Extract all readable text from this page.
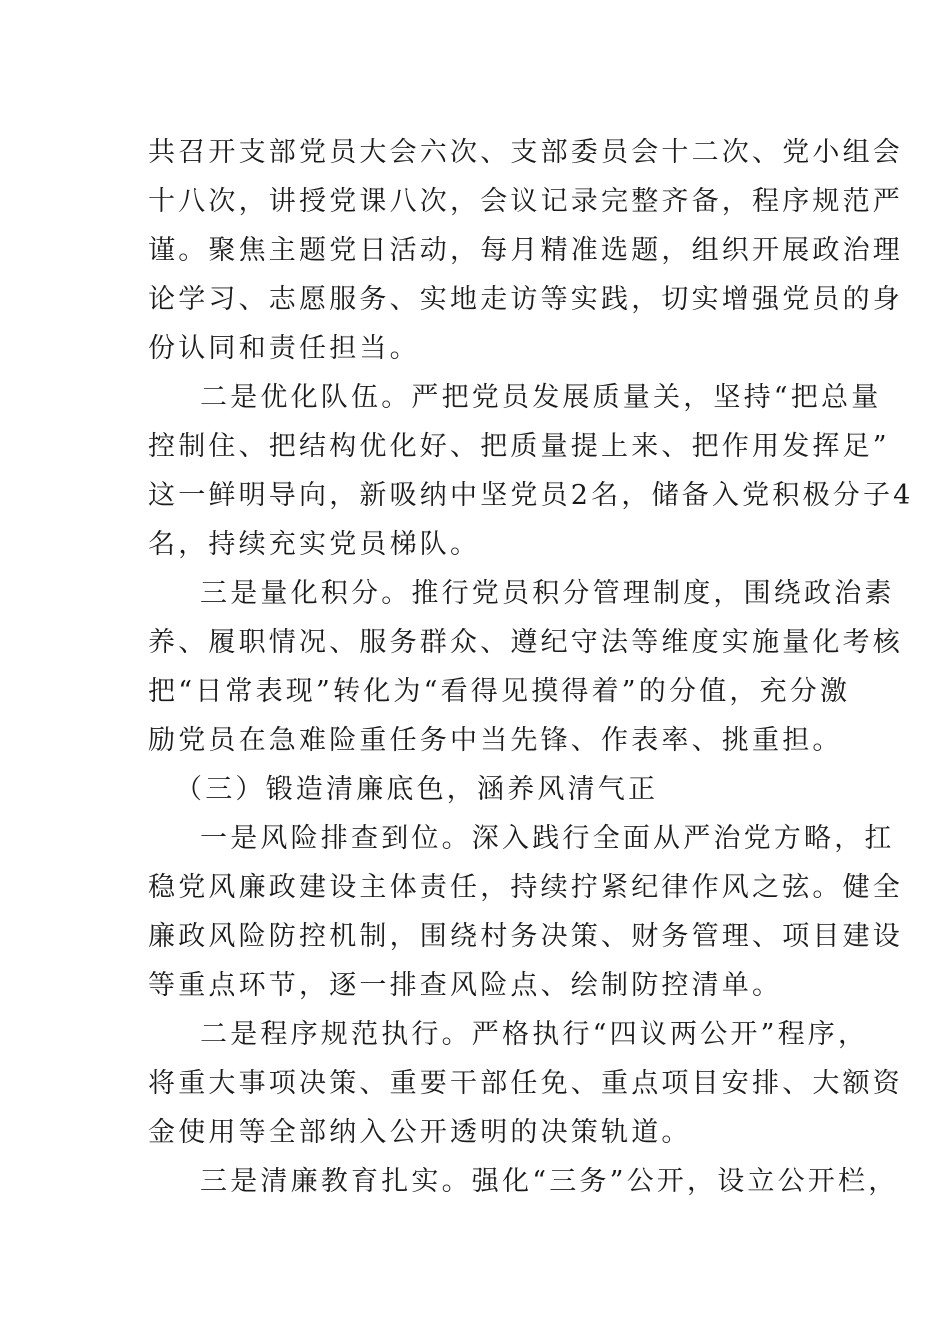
共召开支部党员大会六次、支部委员会十二次、党小组会
十八次，讲授党课八次，会议记录完整齐备，程序规范严
谨。聚焦主题党日活动，每月精准选题，组织开展政治理
论学习、志愿服务、实地走访等实践，切实增强党员的身
份认同和责任担当。
二是优化队伍。严把党员发展质量关，坚持“把总量
控制住、把结构优化好、把质量提上来、把作用发挥足”
这一鲜明导向，新吸纳中坚党员2名，储备入党积极分子4
名，持续充实党员梯队。
三是量化积分。推行党员积分管理制度，围绕政治素
养、履职情况、服务群众、遵纪守法等维度实施量化考核
把“日常表现”转化为“看得见摸得着”的分值，充分激
励党员在急难险重任务中当先锋、作表率、挑重担。
（三）锻造清廉底色，涵养风清气正
一是风险排查到位。深入践行全面从严治党方略，扛
稳党风廉政建设主体责任，持续拧紧纪律作风之弦。健全
廉政风险防控机制，围绕村务决策、财务管理、项目建设
等重点环节，逐一排查风险点、绘制防控清单。
二是程序规范执行。严格执行“四议两公开”程序，
将重大事项决策、重要干部任免、重点项目安排、大额资
金使用等全部纳入公开透明的决策轨道。
三是清廉教育扎实。强化“三务”公开，设立公开栏，
